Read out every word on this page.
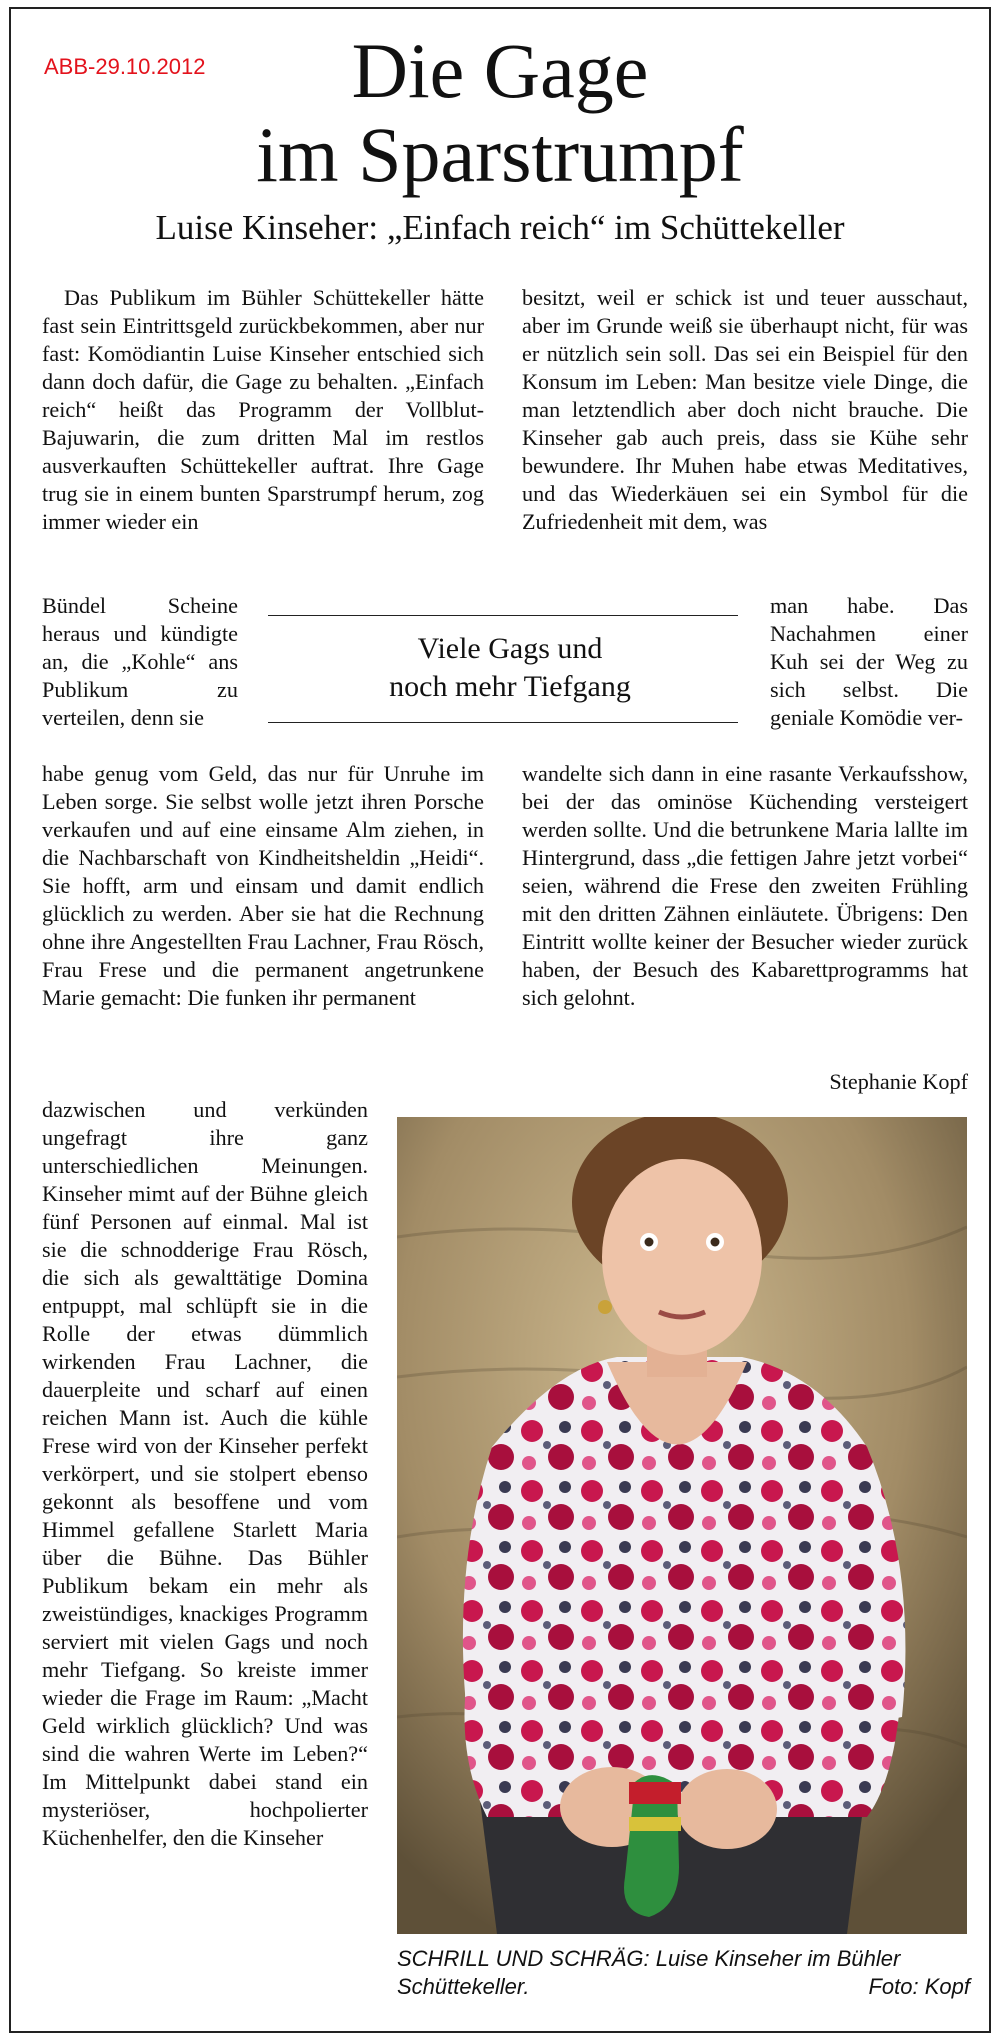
ABB-29.10.2012	Die Gage
im Sparstrumpf
Luise Kinseher: „Einfach reich“ im Schüttekeller

Das Publikum im Bühler Schüttekeller hätte fast sein Eintrittsgeld zurückbekommen, aber nur fast: Komödiantin Luise Kinseher entschied sich dann doch dafür, die Gage zu behalten. „Einfach reich“ heißt das Programm der Vollblut-Bajuwarin, die zum dritten Mal im restlos ausverkauften Schüttekeller auftrat. Ihre Gage trug sie in einem bunten Sparstrumpf herum, zog immer wieder ein

Bündel Scheine heraus und kündigte an, die „Kohle“ ans Publikum zu verteilen, denn sie

habe genug vom Geld, das nur für Unruhe im Leben sorge. Sie selbst wolle jetzt ihren Porsche verkaufen und auf eine einsame Alm ziehen, in die Nachbarschaft von Kindheitsheldin „Heidi“. Sie hofft, arm und einsam und damit endlich glücklich zu werden. Aber sie hat die Rechnung ohne ihre Angestellten Frau Lachner, Frau Rösch, Frau Frese und die permanent angetrunkene Marie gemacht: Die funken ihr permanent

dazwischen und verkünden ungefragt ihre ganz unterschiedlichen Meinungen. Kinseher mimt auf der Bühne gleich fünf Personen auf einmal. Mal ist sie die schnodderige Frau Rösch, die sich als gewalttätige Domina entpuppt, mal schlüpft sie in die Rolle der etwas dümmlich wirkenden Frau Lachner, die dauerpleite und scharf auf einen reichen Mann ist. Auch die kühle Frese wird von der Kinseher perfekt verkörpert, und sie stolpert ebenso gekonnt als besoffene und vom Himmel gefallene Starlett Maria über die Bühne. Das Bühler Publikum bekam ein mehr als zweistündiges, knackiges Programm serviert mit vielen Gags und noch mehr Tiefgang. So kreiste immer wieder die Frage im Raum: „Macht Geld wirklich glücklich? Und was sind die wahren Werte im Leben?“ Im Mittelpunkt dabei stand ein mysteriöser, hochpolierter Küchenhelfer, den die Kinseher

Viele Gags und
noch mehr Tiefgang

besitzt, weil er schick ist und teuer ausschaut, aber im Grunde weiß sie überhaupt nicht, für was er nützlich sein soll. Das sei ein Beispiel für den Konsum im Leben: Man besitze viele Dinge, die man letztendlich aber doch nicht brauche. Die Kinseher gab auch preis, dass sie Kühe sehr bewundere. Ihr Muhen habe etwas Meditatives, und das Wiederkäuen sei ein Symbol für die Zufriedenheit mit dem, was

man habe. Das Nachahmen einer Kuh sei der Weg zu sich selbst. Die geniale Komödie ver-

wandelte sich dann in eine rasante Verkaufsshow, bei der das ominöse Küchending versteigert werden sollte. Und die betrunkene Maria lallte im Hintergrund, dass „die fettigen Jahre jetzt vorbei“ seien, während die Frese den zweiten Frühling mit den dritten Zähnen einläutete. Übrigens: Den Eintritt wollte keiner der Besucher wieder zurück haben, der Besuch des Kabarettprogramms hat sich gelohnt.

Stephanie Kopf
SCHRILL UND SCHRÄG: Luise Kinseher im Bühler Schüttekeller.	Foto: Kopf
